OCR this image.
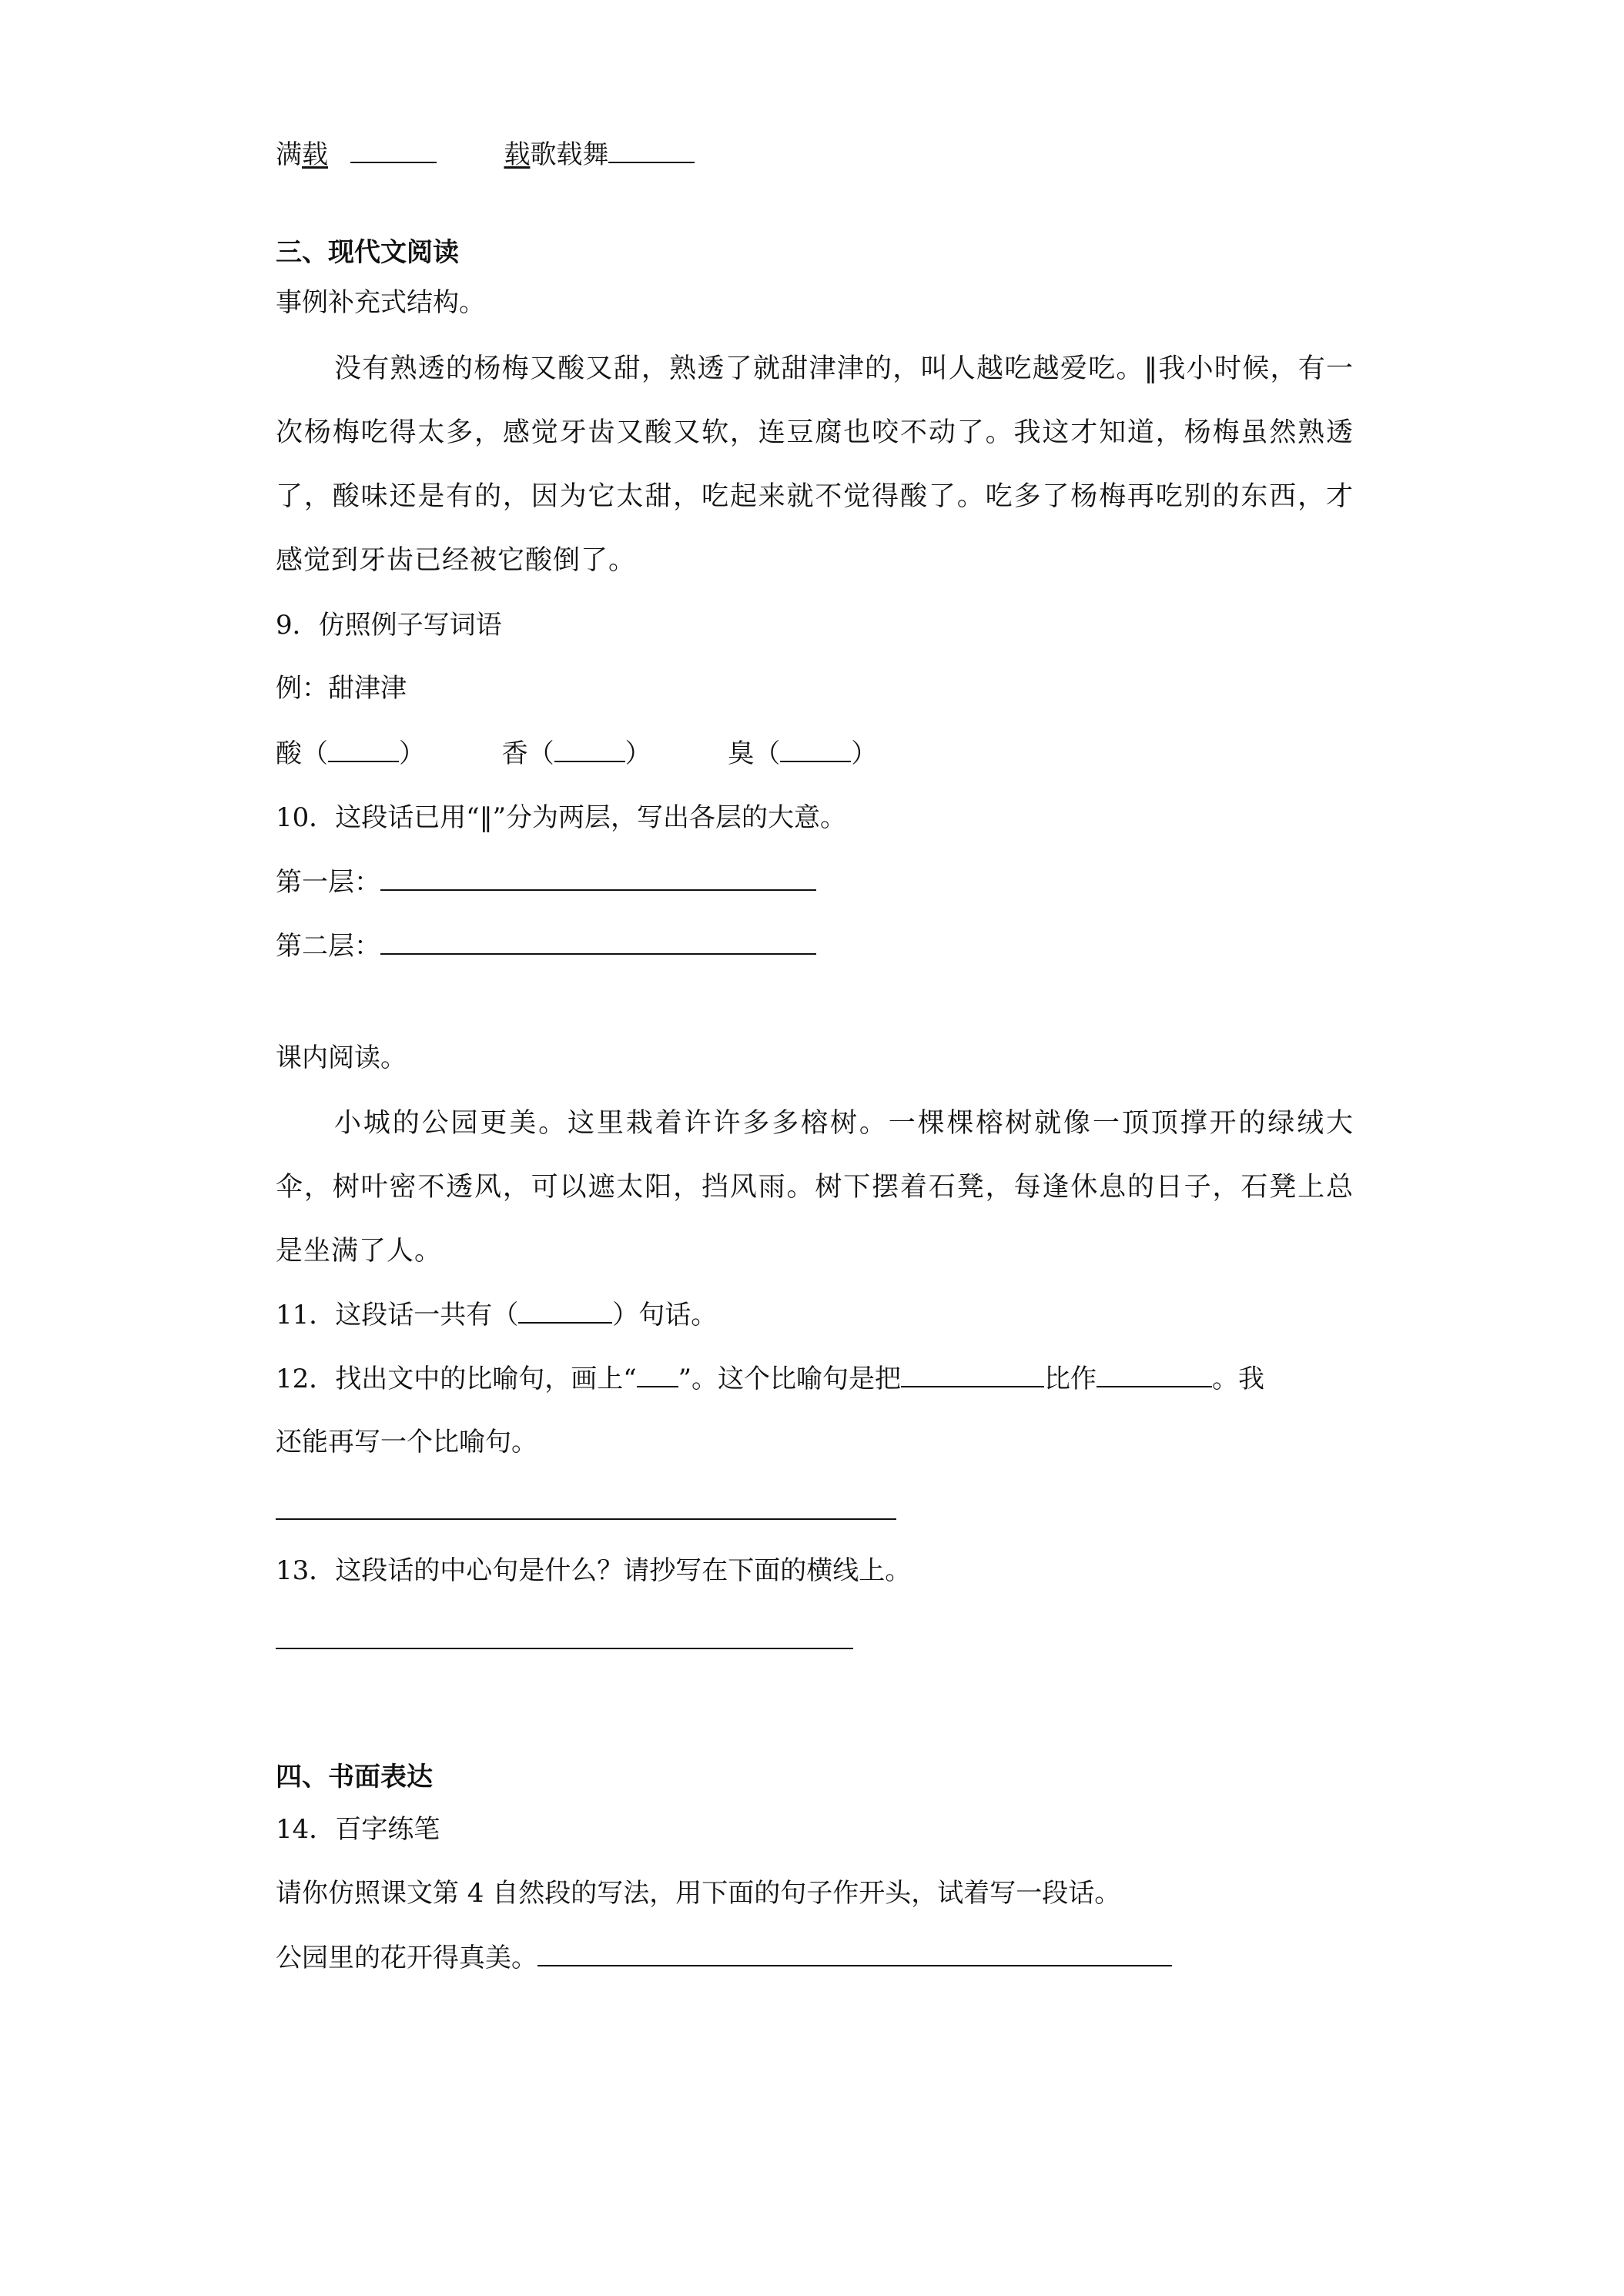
满载	载歌载舞
三、现代文阅读
事例补充式结构。
没有熟透的杨梅又酸又甜，熟透了就甜津津的，叫人越吃越爱吃。‖我小时候，有一次杨梅吃得太多，感觉牙齿又酸又软，连豆腐也咬不动了。我这才知道，杨梅虽然熟透了，酸味还是有的，因为它太甜，吃起来就不觉得酸了。吃多了杨梅再吃别的东西，才感觉到牙齿已经被它酸倒了。
9．仿照例子写词语
例：甜津津
酸（	）	香（	）	臭（	）
10．这段话已用“‖”分为两层，写出各层的大意。
第一层：
第二层：
课内阅读。
小城的公园更美。这里栽着许许多多榕树。一棵棵榕树就像一顶顶撑开的绿绒大伞，树叶密不透风，可以遮太阳，挡风雨。树下摆着石凳，每逢休息的日子，石凳上总是坐满了人。
11．这段话一共有（	）句话。
12．找出文中的比喻句，画上“ ”。这个比喻句是把	比作	。我
还能再写一个比喻句。
13．这段话的中心句是什么？请抄写在下面的横线上。
四、书面表达
14．百字练笔
请你仿照课文第 4 自然段的写法，用下面的句子作开头，试着写一段话。
公园里的花开得真美。
